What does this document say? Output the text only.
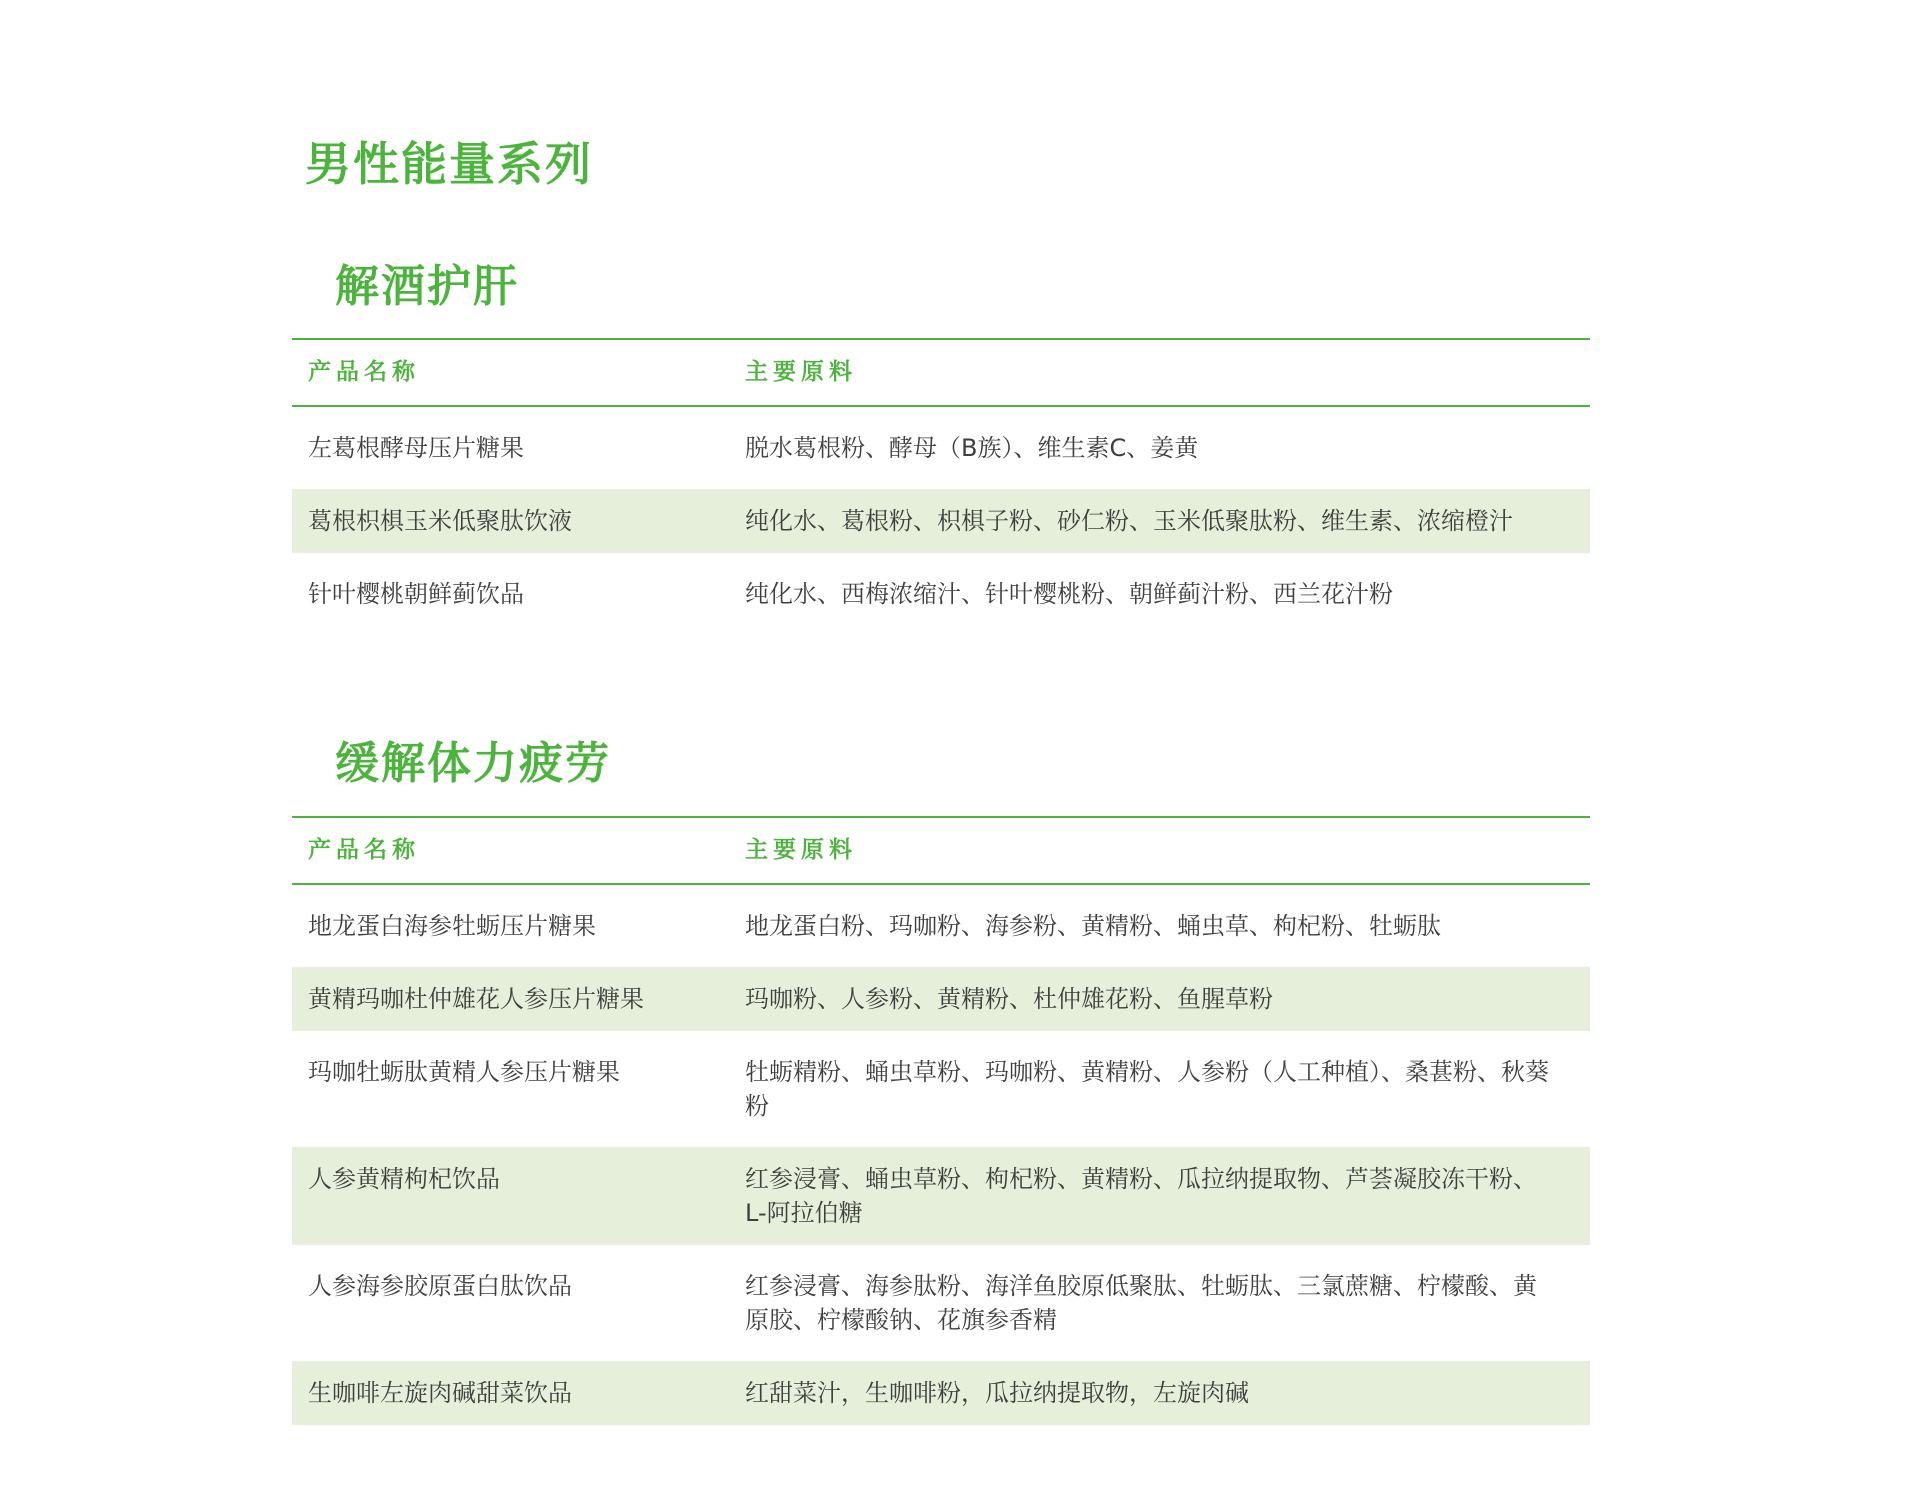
男性能量系列
解酒护肝
产品名称	主要原料
左葛根酵母压片糖果	脱水葛根粉、酵母（B族）、维生素C、姜黄
葛根枳椇玉米低聚肽饮液	纯化水、葛根粉、枳椇子粉、砂仁粉、玉米低聚肽粉、维生素、浓缩橙汁
针叶樱桃朝鲜蓟饮品	纯化水、西梅浓缩汁、针叶樱桃粉、朝鲜蓟汁粉、西兰花汁粉
缓解体力疲劳
产品名称	主要原料
地龙蛋白海参牡蛎压片糖果	地龙蛋白粉、玛咖粉、海参粉、黄精粉、蛹虫草、枸杞粉、牡蛎肽
黄精玛咖杜仲雄花人参压片糖果	玛咖粉、人参粉、黄精粉、杜仲雄花粉、鱼腥草粉
玛咖牡蛎肽黄精人参压片糖果	牡蛎精粉、蛹虫草粉、玛咖粉、黄精粉、人参粉（人工种植）、桑葚粉、秋葵粉
人参黄精枸杞饮品	红参浸膏、蛹虫草粉、枸杞粉、黄精粉、瓜拉纳提取物、芦荟凝胶冻干粉、L-阿拉伯糖
人参海参胶原蛋白肽饮品	红参浸膏、海参肽粉、海洋鱼胶原低聚肽、牡蛎肽、三氯蔗糖、柠檬酸、黄原胶、柠檬酸钠、花旗参香精
生咖啡左旋肉碱甜菜饮品	红甜菜汁，生咖啡粉，瓜拉纳提取物，左旋肉碱
